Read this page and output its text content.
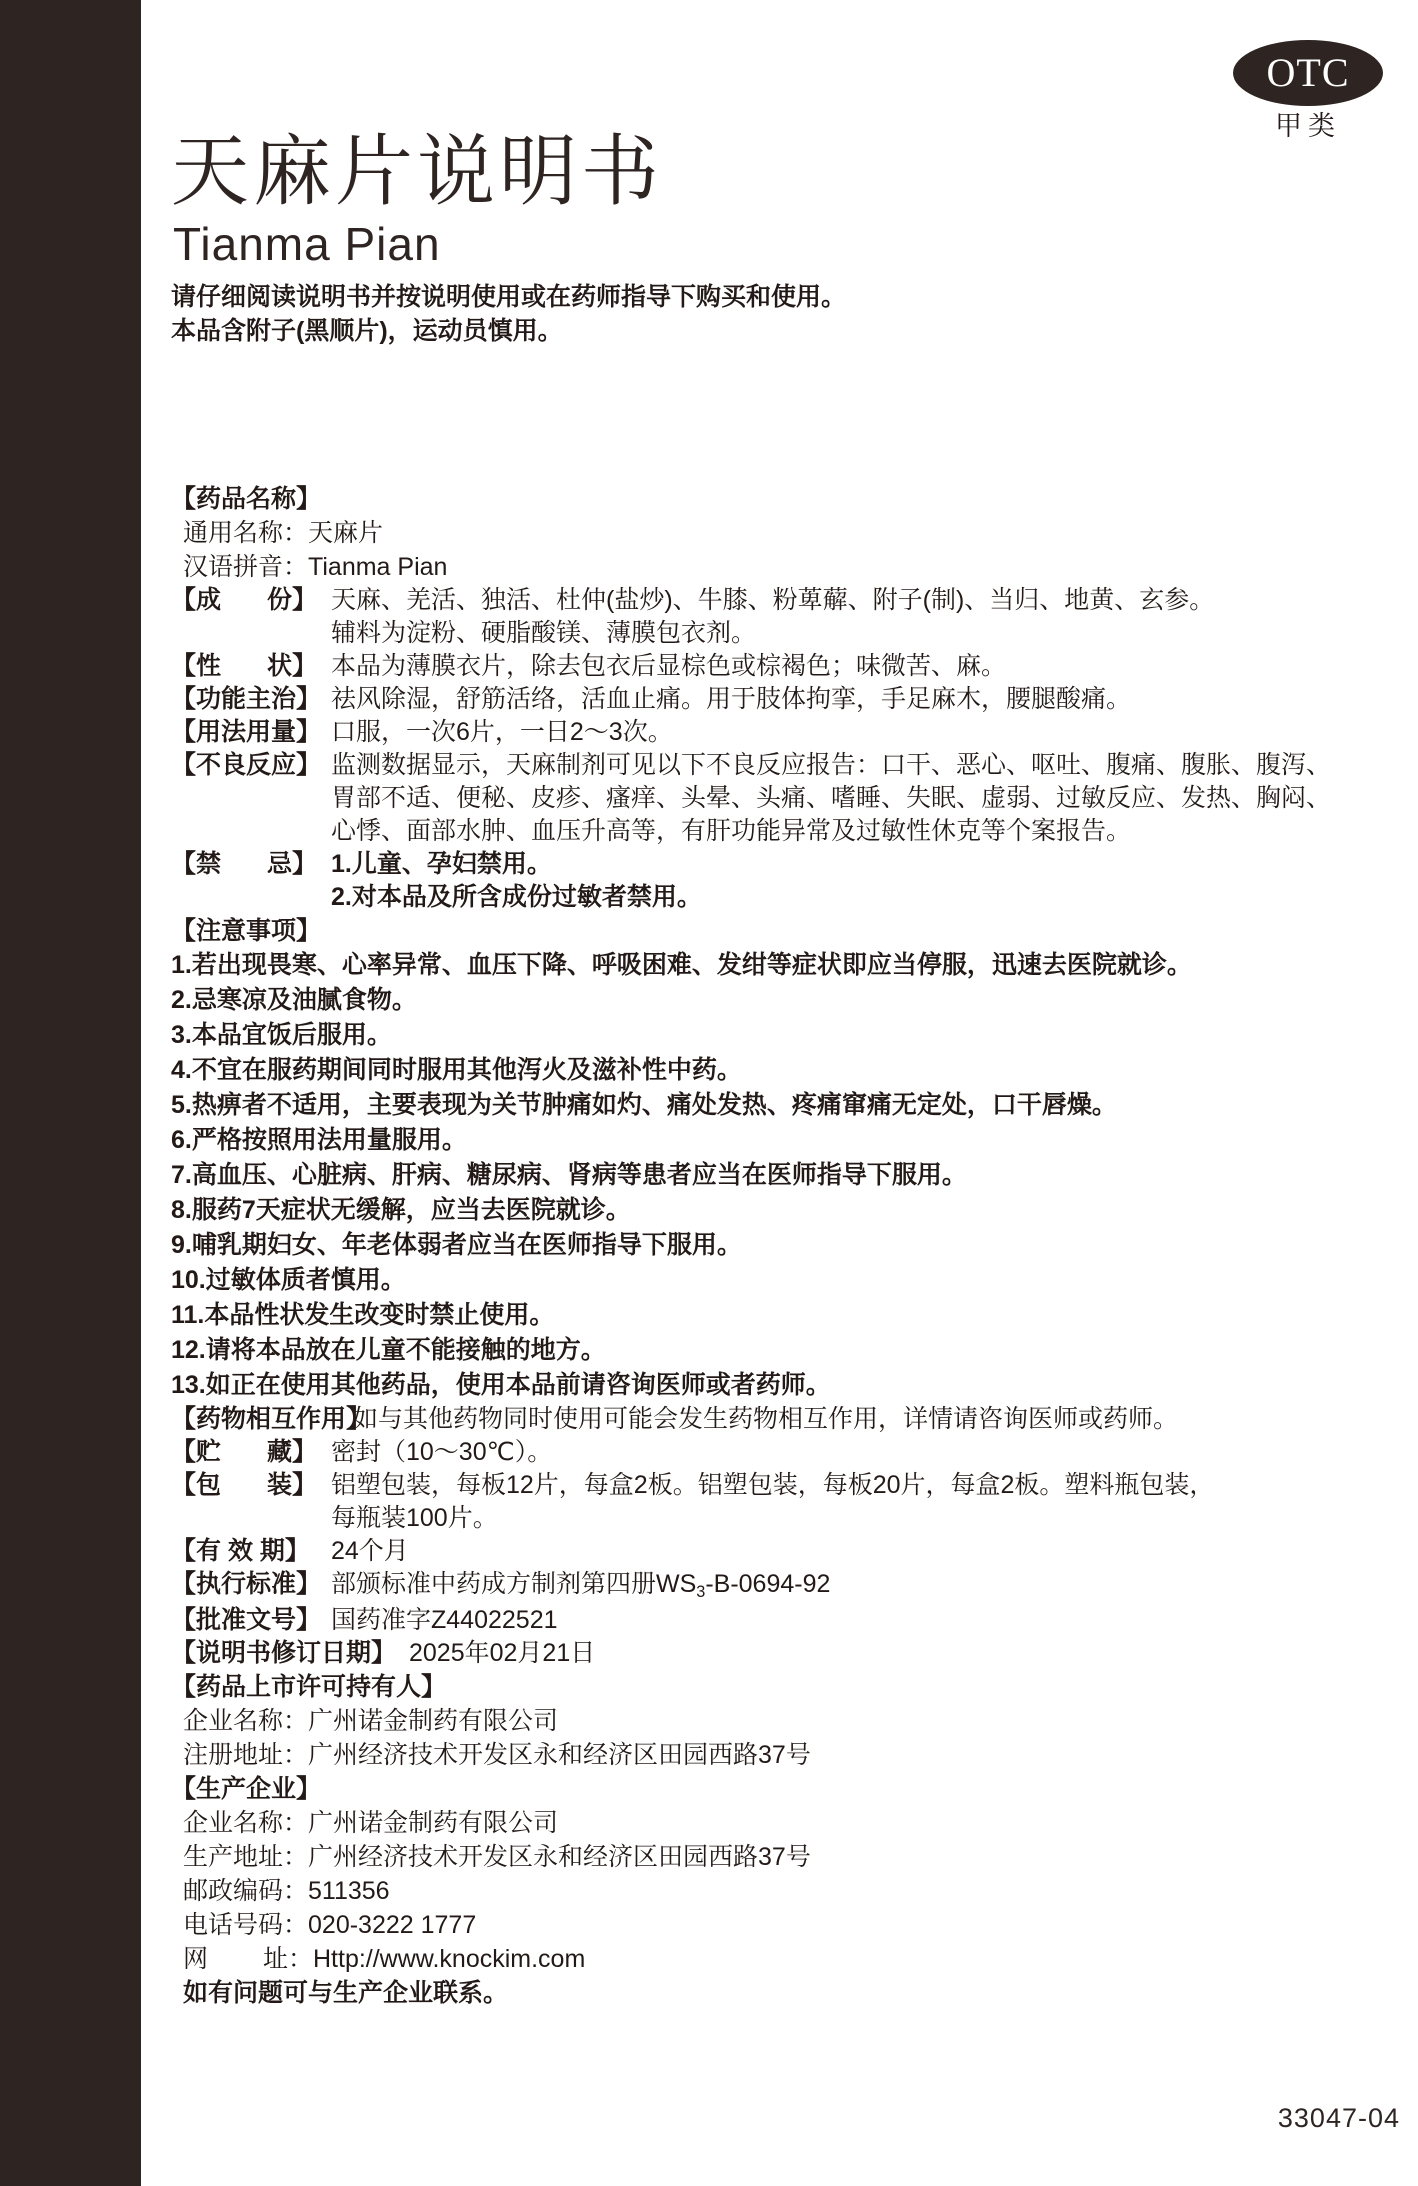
OTC
甲类
天麻片说明书
Tianma Pian

请仔细阅读说明书并按说明使用或在药师指导下购买和使用。

本品含附子(黑顺片)，运动员慎用。

【药品名称】
通用名称：天麻片
汉语拼音：Tianma Pian
【 成 份 】 天麻、羌活、独活、杜仲(盐炒)、牛膝、粉萆薢、附子(制)、当归、地黄、玄参。

辅料为淀粉、硬脂酸镁、薄膜包衣剂。

【 性 状 】 本品为薄膜衣片，除去包衣后显棕色或棕褐色；味微苦、麻。
【功能主治】 祛风除湿，舒筋活络，活血止痛。用于肢体拘挛，手足麻木，腰腿酸痛。
【用法用量】 口服，一次6片，一日2～3次。
【不良反应】 监测数据显示，天麻制剂可见以下不良反应报告：口干、恶心、呕吐、腹痛、腹胀、腹泻、胃部不适、便秘、皮疹、瘙痒、头晕、头痛、嗜睡、失眠、虚弱、过敏反应、发热、胸闷、心悸、面部水肿、血压升高等，有肝功能异常及过敏性休克等个案报告。
【 禁 忌 】 1.儿童、孕妇禁用。

2.对本品及所含成份过敏者禁用。

【注意事项】

1.若出现畏寒、心率异常、血压下降、呼吸困难、发绀等症状即应当停服，迅速去医院就诊。

2.忌寒凉及油腻食物。

3.本品宜饭后服用。

4.不宜在服药期间同时服用其他泻火及滋补性中药。

5.热痹者不适用，主要表现为关节肿痛如灼、痛处发热、疼痛窜痛无定处，口干唇燥。

6.严格按照用法用量服用。

7.高血压、心脏病、肝病、糖尿病、肾病等患者应当在医师指导下服用。

8.服药7天症状无缓解，应当去医院就诊。

9.哺乳期妇女、年老体弱者应当在医师指导下服用。

10.过敏体质者慎用。

11.本品性状发生改变时禁止使用。

12.请将本品放在儿童不能接触的地方。

13.如正在使用其他药品，使用本品前请咨询医师或者药师。

【药物相互作用】
如与其他药物同时使用可能会发生药物相互作用，详情请咨询医师或药师。
【 贮 藏 】 密封（10～30℃）。
【 包 装 】 铝塑包装，每板12片，每盒2板。铝塑包装，每板20片，每盒2板。塑料瓶包装，

每瓶装100片。

【有 效 期】 24个月
【执行标准】 部颁标准中药成方制剂第四册$WS_3-B-0694-92$
【批准文号】 国药准字Z44022521
【说明书修订日期】 2025年02月21日
【药品上市许可持有人】
企业名称：广州诺金制药有限公司
注册地址：广州经济技术开发区永和经济区田园西路37号
【生产企业】
企业名称：广州诺金制药有限公司
生产地址：广州经济技术开发区永和经济区田园西路37号
邮政编码：511356
电话号码：020-3222 1777
网 址： Http://www.knockim.com

如有问题可与生产企业联系。

33047-04
